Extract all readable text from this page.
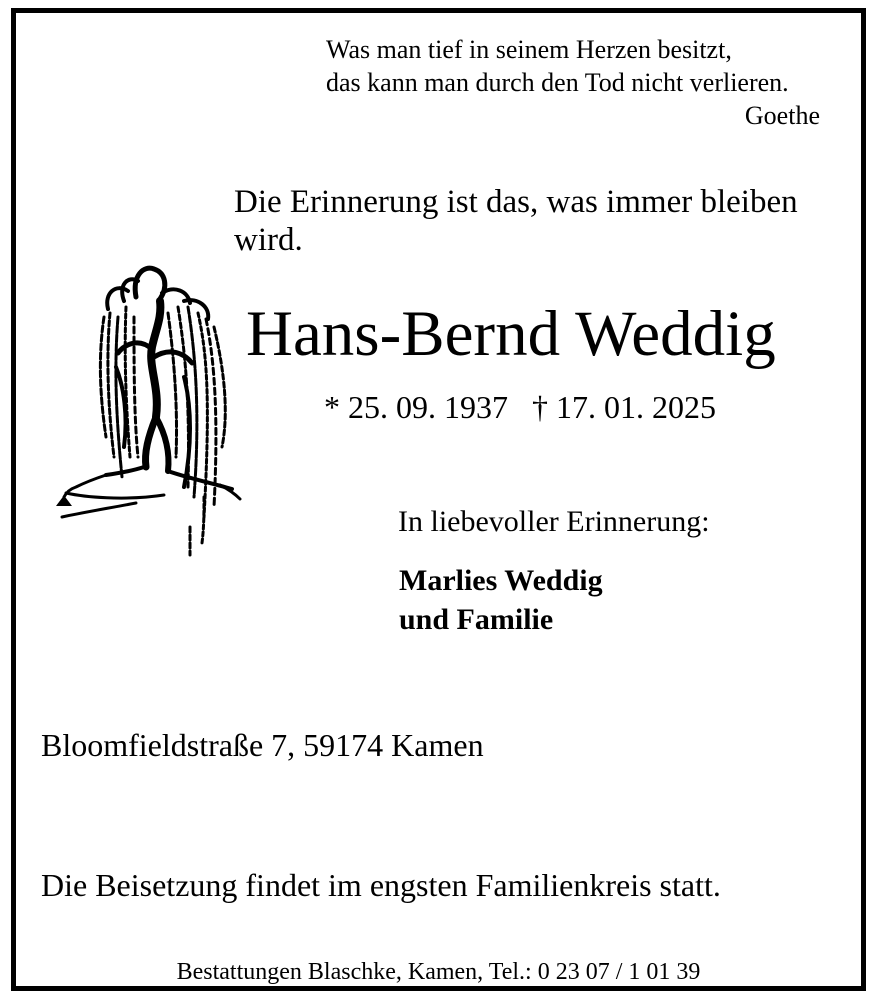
Was man tief in seinem Herzen besitzt,
das kann man durch den Tod nicht verlieren.
Goethe
Die Erinnerung ist das, was immer bleiben wird.
Hans-Bernd Weddig
* 25. 09. 1937 † 17. 01. 2025
In liebevoller Erinnerung:
Marlies Weddig
und Familie
Bloomfieldstraße 7, 59174 Kamen
Die Beisetzung findet im engsten Familienkreis statt.
Bestattungen Blaschke, Kamen, Tel.: 0 23 07 / 1 01 39
